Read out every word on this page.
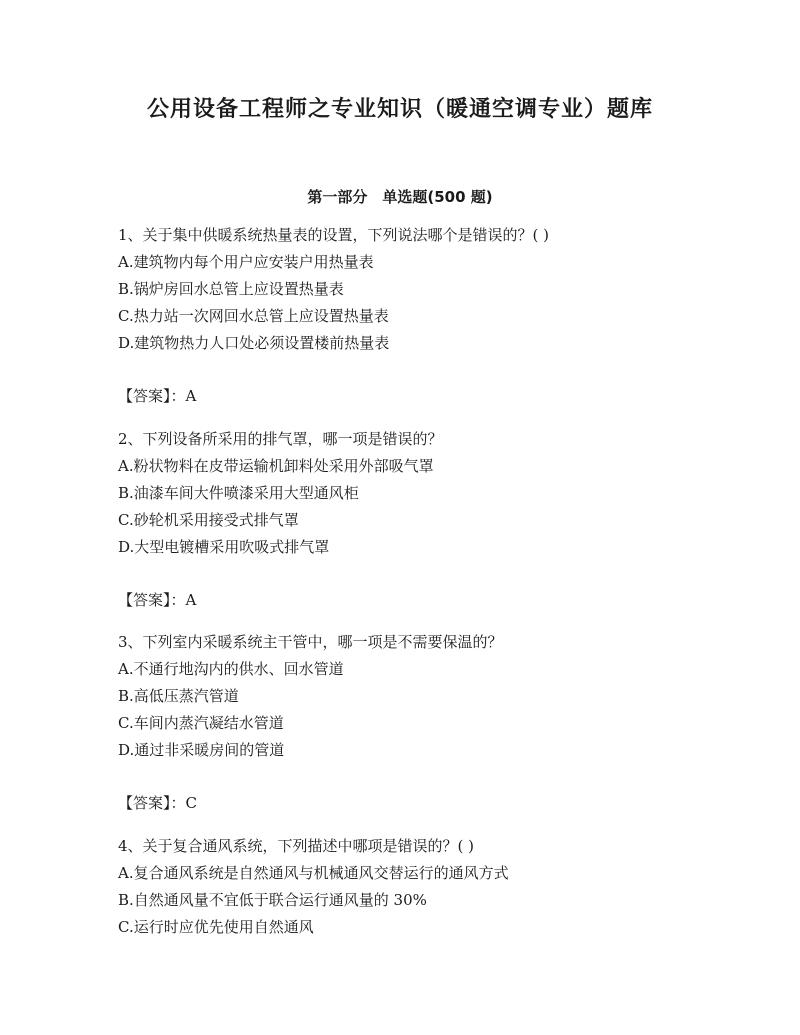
公用设备工程师之专业知识（暖通空调专业）题库
第一部分　单选题(500 题)
1、关于集中供暖系统热量表的设置，下列说法哪个是错误的？( )
A.建筑物内每个用户应安装户用热量表
B.锅炉房回水总管上应设置热量表
C.热力站一次网回水总管上应设置热量表
D.建筑物热力人口处必须设置楼前热量表
【答案】：A
2、下列设备所采用的排气罩，哪一项是错误的？
A.粉状物料在皮带运输机卸料处采用外部吸气罩
B.油漆车间大件喷漆采用大型通风柜
C.砂轮机采用接受式排气罩
D.大型电镀槽采用吹吸式排气罩
【答案】：A
3、下列室内采暖系统主干管中，哪一项是不需要保温的？
A.不通行地沟内的供水、回水管道
B.高低压蒸汽管道
C.车间内蒸汽凝结水管道
D.通过非采暖房间的管道
【答案】：C
4、关于复合通风系统，下列描述中哪项是错误的？( )
A.复合通风系统是自然通风与机械通风交替运行的通风方式
B.自然通风量不宜低于联合运行通风量的 30%
C.运行时应优先使用自然通风
